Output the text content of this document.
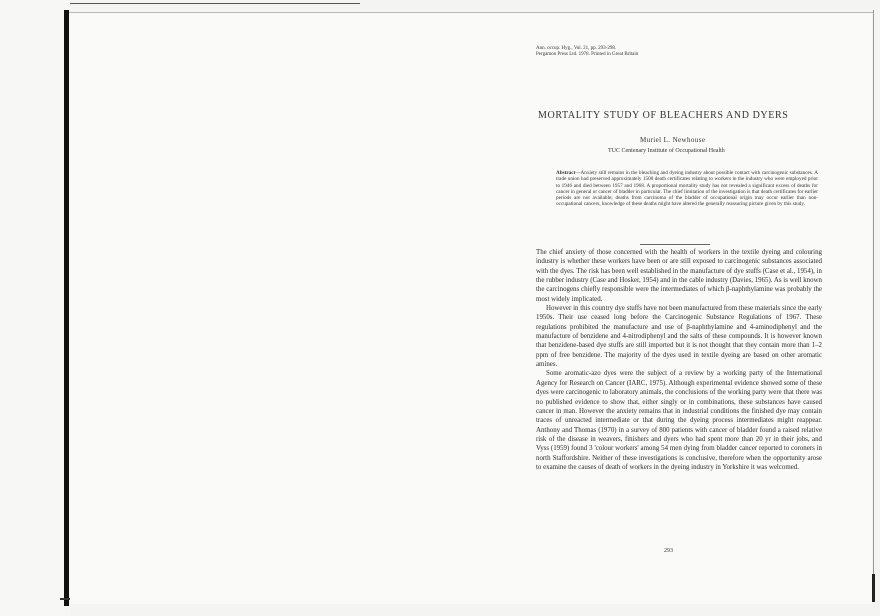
Ann. occup. Hyg., Vol. 21, pp. 293-298.
Pergamon Press Ltd. 1978. Printed in Great Britain
MORTALITY STUDY OF BLEACHERS AND DYERS
Muriel L. Newhouse
TUC Centenary Institute of Occupational Health
Abstract—Anxiety still remains in the bleaching and dyeing industry about possible contact with carcinogenic substances. A trade union had preserved approximately 1500 death certificates relating to workers in the industry who were employed prior to 1946 and died between 1957 and 1968. A proportional mortality study has not revealed a significant excess of deaths for cancer in general or cancer of bladder in particular. The chief limitation of the investigation is that death certificates for earlier periods are not available; deaths from carcinoma of the bladder of occupational origin may occur earlier than non-occupational cancers, knowledge of these deaths might have altered the generally reassuring picture given by this study.

The chief anxiety of those concerned with the health of workers in the textile dyeing and colouring industry is whether these workers have been or are still exposed to carcinogenic substances associated with the dyes. The risk has been well established in the manufacture of dye stuffs (Case et al., 1954), in the rubber industry (Case and Hosker, 1954) and in the cable industry (Davies, 1965). As is well known the carcinogens chiefly responsible were the intermediates of which β-naphthylamine was probably the most widely implicated.

However in this country dye stuffs have not been manufactured from these materials since the early 1950s. Their use ceased long before the Carcinogenic Substance Regulations of 1967. These regulations prohibited the manufacture and use of β-naphthylamine and 4-aminodiphenyl and the manufacture of benzidene and 4-nitrodiphenyl and the salts of these compounds. It is however known that benzidene-based dye stuffs are still imported but it is not thought that they contain more than 1–2 ppm of free benzidene. The majority of the dyes used in textile dyeing are based on other aromatic amines.

Some aromatic-azo dyes were the subject of a review by a working party of the International Agency for Research on Cancer (IARC, 1975). Although experimental evidence showed some of these dyes were carcinogenic to laboratory animals, the conclusions of the working party were that there was no published evidence to show that, either singly or in combinations, these substances have caused cancer in man. However the anxiety remains that in industrial conditions the finished dye may contain traces of unreacted intermediate or that during the dyeing process intermediates might reappear. Anthony and Thomas (1970) in a survey of 800 patients with cancer of bladder found a raised relative risk of the disease in weavers, finishers and dyers who had spent more than 20 yr in their jobs, and Vyss (1959) found 3 'colour workers' among 54 men dying from bladder cancer reported to coroners in north Staffordshire. Neither of these investigations is conclusive, therefore when the opportunity arose to examine the causes of death of workers in the dyeing industry in Yorkshire it was welcomed.

293
